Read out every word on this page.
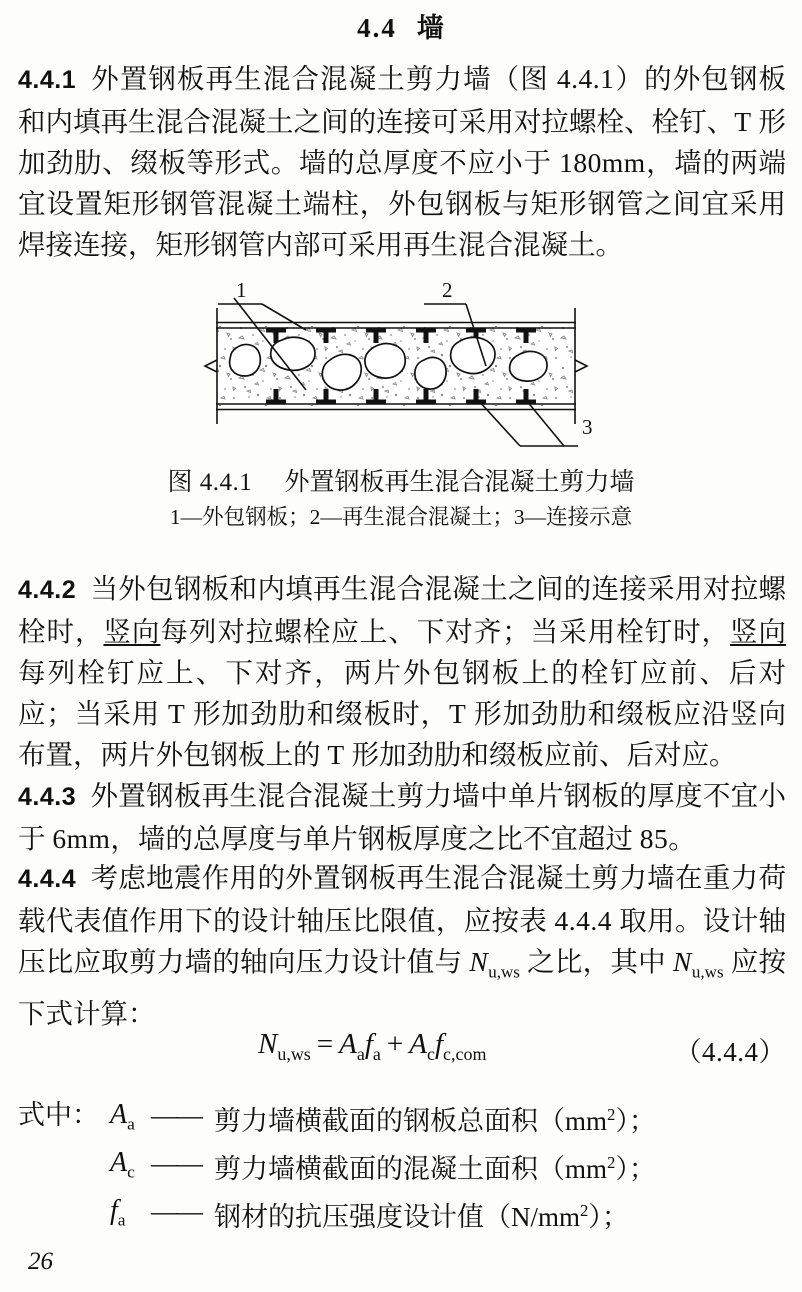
4.4 墙
4.4.1 外置钢板再生混合混凝土剪力墙（图 4.4.1）的外包钢板和内填再生混合混凝土之间的连接可采用对拉螺栓、栓钉、T 形加劲肋、缀板等形式。墙的总厚度不应小于 180mm，墙的两端宜设置矩形钢管混凝土端柱，外包钢板与矩形钢管之间宜采用焊接连接，矩形钢管内部可采用再生混合混凝土。
1	2
3
图 4.4.1 外置钢板再生混合混凝土剪力墙
1—外包钢板；2—再生混合混凝土；3—连接示意
4.4.2 当外包钢板和内填再生混合混凝土之间的连接采用对拉螺栓时，竖向每列对拉螺栓应上、下对齐；当采用栓钉时，竖向每列栓钉应上、下对齐，两片外包钢板上的栓钉应前、后对应；当采用 T 形加劲肋和缀板时，T 形加劲肋和缀板应沿竖向布置，两片外包钢板上的 T 形加劲肋和缀板应前、后对应。
4.4.3 外置钢板再生混合混凝土剪力墙中单片钢板的厚度不宜小于 6mm，墙的总厚度与单片钢板厚度之比不宜超过 85。
4.4.4 考虑地震作用的外置钢板再生混合混凝土剪力墙在重力荷载代表值作用下的设计轴压比限值，应按表 4.4.4 取用。设计轴压比应取剪力墙的轴向压力设计值与 $N_{u,ws}$ 之比，其中 $N_{u,ws}$ 应按下式计算：
$N_{u,ws} = A_af_a + A_cf_{c,com}$	（4.4.4）
式中： $A_a$ —— 剪力墙横截面的钢板总面积$(mm^2)$；
$A_c$ —— 剪力墙横截面的混凝土面积$(mm^2)$；
$f_a$ —— 钢材的抗压强度设计值$(N/mm^2)$；
26
